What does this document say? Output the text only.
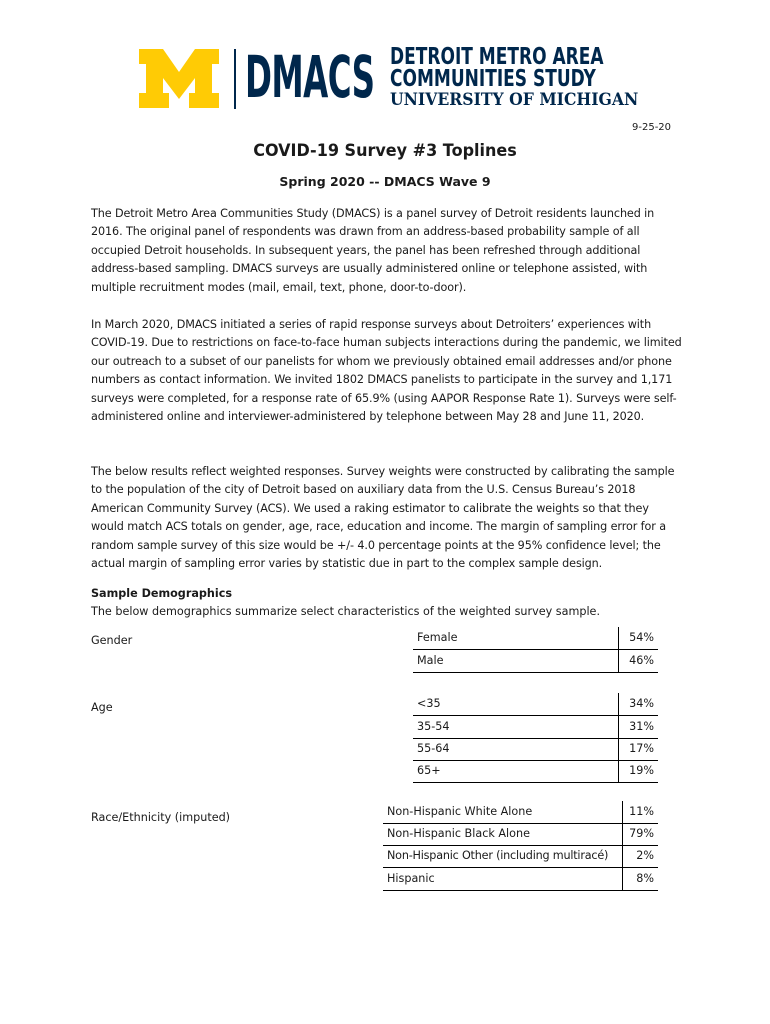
DMACS DETROIT METRO AREA
COMMUNITIES STUDY
UNIVERSITY OF MICHIGAN
9-25-20
COVID-19 Survey #3 Toplines
Spring 2020 -- DMACS Wave 9

The Detroit Metro Area Communities Study (DMACS) is a panel survey of Detroit residents launched in 2016. The original panel of respondents was drawn from an address-based probability sample of all occupied Detroit households. In subsequent years, the panel has been refreshed through additional address-based sampling. DMACS surveys are usually administered online or telephone assisted, with multiple recruitment modes (mail, email, text, phone, door-to-door).

In March 2020, DMACS initiated a series of rapid response surveys about Detroiters’ experiences with COVID-19. Due to restrictions on face-to-face human subjects interactions during the pandemic, we limited our outreach to a subset of our panelists for whom we previously obtained email addresses and/or phone numbers as contact information. We invited 1802 DMACS panelists to participate in the survey and 1,171 surveys were completed, for a response rate of 65.9% (using AAPOR Response Rate 1). Surveys were self-administered online and interviewer-administered by telephone between May 28 and June 11, 2020.

The below results reflect weighted responses. Survey weights were constructed by calibrating the sample to the population of the city of Detroit based on auxiliary data from the U.S. Census Bureau’s 2018 American Community Survey (ACS). We used a raking estimator to calibrate the weights so that they would match ACS totals on gender, age, race, education and income. The margin of sampling error for a random sample survey of this size would be +/- 4.0 percentage points at the 95% confidence level; the actual margin of sampling error varies by statistic due in part to the complex sample design.

Sample Demographics
The below demographics summarize select characteristics of the weighted survey sample.
Gender	Female	54%
Male	46%
Age	<35	34%
35-54	31%
55-64	17%
65+	19%
Race/Ethnicity (imputed)	Non-Hispanic White Alone	11%
Non-Hispanic Black Alone	79%
Non-Hispanic Other (including multiracé)	2%
Hispanic	8%
